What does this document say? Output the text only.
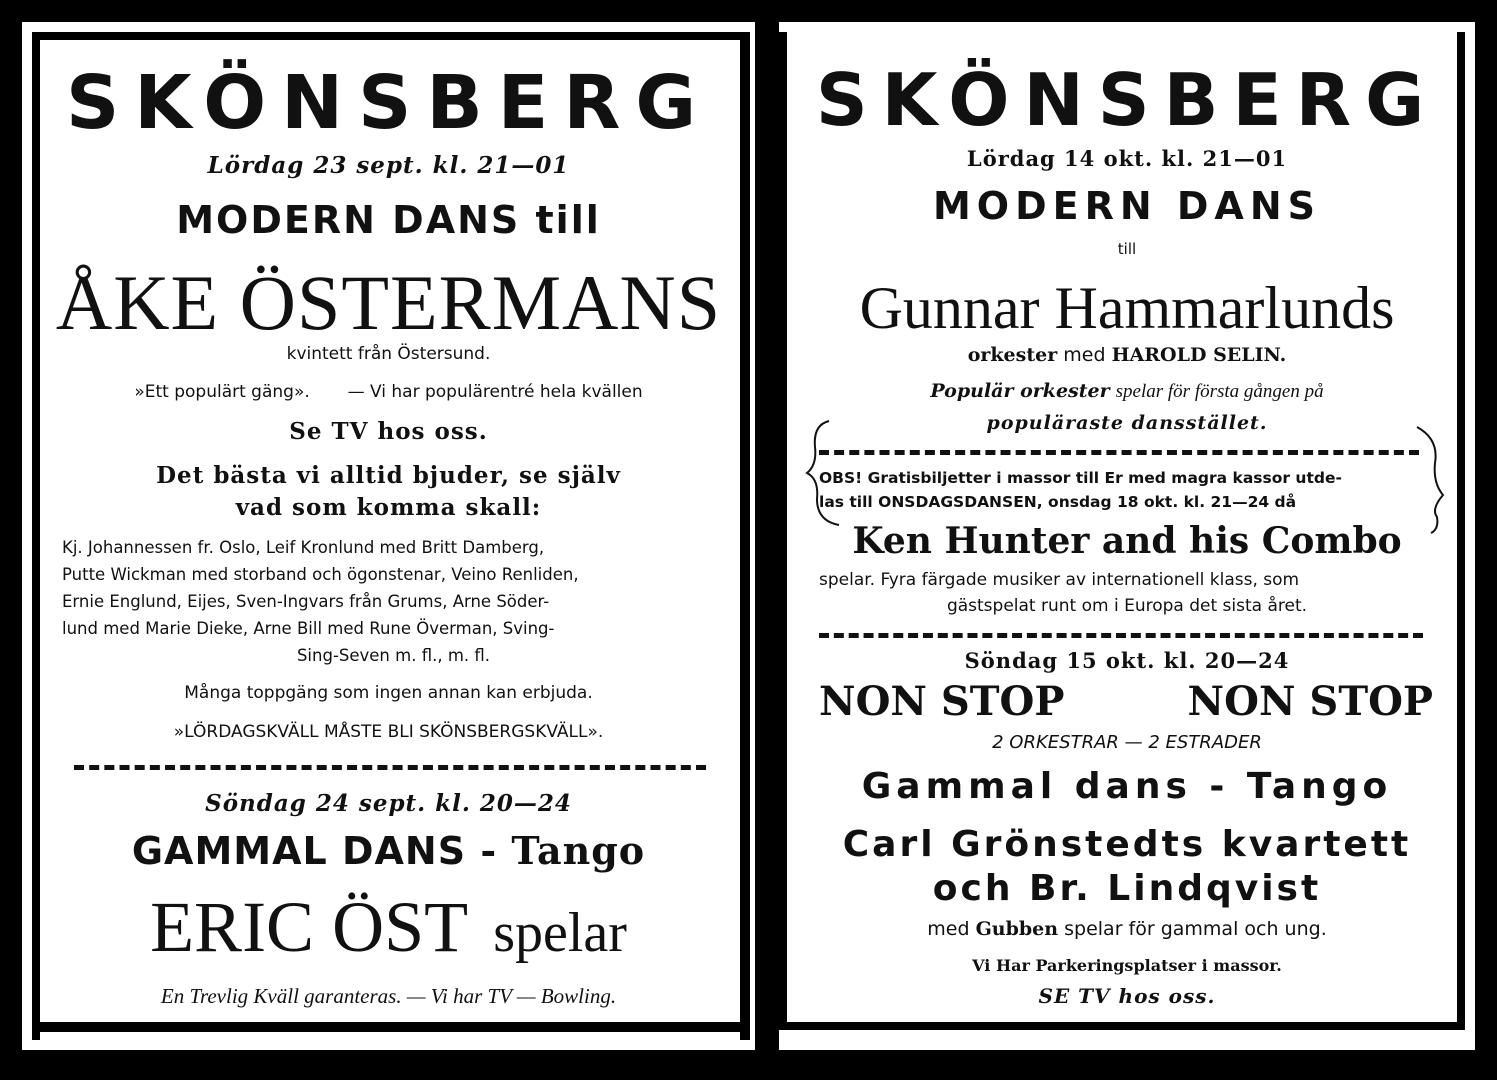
SKÖNSBERG
Lördag 23 sept. kl. 21—01
MODERN DANS till
ÅKE ÖSTERMANS
kvintett från Östersund.
»Ett populärt gäng». — Vi har populärentré hela kvällen
Se TV hos oss.
Det bästa vi alltid bjuder, se själv
vad som komma skall:
Kj. Johannessen fr. Oslo, Leif Kronlund med Britt Damberg,
Putte Wickman med storband och ögonstenar, Veino Renliden,
Ernie Englund, Eijes, Sven-Ingvars från Grums, Arne Söder-
lund med Marie Dieke, Arne Bill med Rune Överman, Sving-
Sing-Seven m. fl., m. fl.
Många toppgäng som ingen annan kan erbjuda.
»LÖRDAGSKVÄLL MÅSTE BLI SKÖNSBERGSKVÄLL».
Söndag 24 sept. kl. 20—24
GAMMAL DANS - Tango
ERIC ÖST spelar
En Trevlig Kväll garanteras. — Vi har TV — Bowling.
SKÖNSBERG
Lördag 14 okt. kl. 21—01
MODERN DANS
till
Gunnar Hammarlunds
orkester med HAROLD SELIN.
Populär orkester spelar för första gången på
populäraste dansstället.
OBS! Gratisbiljetter i massor till Er med magra kassor utde-
las till ONSDAGSDANSEN, onsdag 18 okt. kl. 21—24 då
Ken Hunter and his Combo
spelar. Fyra färgade musiker av internationell klass, som
gästspelat runt om i Europa det sista året.
Söndag 15 okt. kl. 20—24
NON STOP	NON STOP
2 ORKESTRAR — 2 ESTRADER
Gammal dans - Tango
Carl Grönstedts kvartett
och Br. Lindqvist
med Gubben spelar för gammal och ung.
Vi Har Parkeringsplatser i massor.
SE TV hos oss.
